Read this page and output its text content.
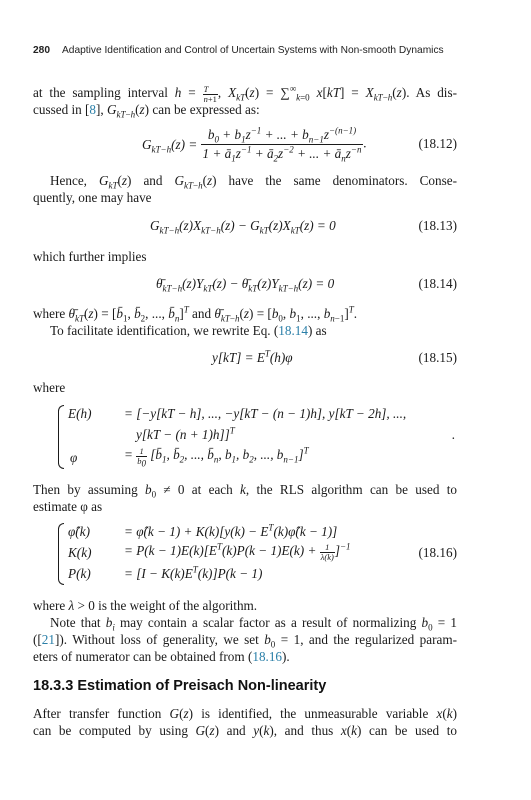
280 Adaptive Identification and Control of Uncertain Systems with Non-smooth Dynamics
at the sampling interval $h = \frac{T}{n+1}$ , $X_{kT}(z) = \sum^\infty_{k=0}$ $x[kT] = X_{kT-h}(z)$. As dis-
cussed in [8], $G_{kT-h}(z)$ can be expressed as:
$G_{kT-h}(z) = \frac{b_0 + b_1z^{-1} + ... + b_{n-1}z^{-(n-1)}}{1 + ā_1z^{-1} + ā_2z^{-2} + ... + ā_nz^{-n}}$ .	(18.12)
Hence, $G_{kT}(z)$ and $G_{kT-h}(z)$ have the same denominators. Conse-
quently, one may have
$G_{kT-h}(z)X_{kT-h}(z) - G_{kT}(z)X_{kT}(z) = 0$	(18.13)
which further implies
$\thetā_{kT-h}(z)Y_{kT}(z)$ − $\thetā_{kT}(z)Y_{kT-h}(z) = 0$	(18.14)
where $\thetā_{kT}(z)$ = [$b̄_1$, $b̄_2$, ..., $b̄_n]^T$ and $\thetā_{kT-h}(z) = [b_0$, $b_1$, ..., $b_{n-1}]^T$.
To facilitate identification, we rewrite Eq. (18.14) as
$y[kT] = E^T(h)\varphi$	(18.15)
where
E(h) = [−y[kT − h], ..., −y[kT − (n − 1)h], y[kT − 2h], ...,
y[kT − (n + 1)h]]$^T$	.
φ	= $\frac{1}{b_0}$ [$b̄_1$, $b̄_2$, ..., $b̄_n$, $b_1$, $b_2$, ..., $b_{n-1}]^T$
Then by assuming $b_0 \ne 0$ at each k, the RLS algorithm can be used to
estimate φ as
φ̂(k)	= φ̂(k − $1) + K(k)[y(k) - E^T(k)\varphî(k - 1)]$
$K(k) = P(k - 1)E(k)[E^T(k)P(k - 1)E(k) + \frac{1}{\lambda(k)} ]^{-1}$	(18.16)
P(k)	= $[I - K(k)E^T(k)]P(k - 1)$
where λ > 0 is the weight of the algorithm.
Note that $b_i$ may contain a scalar factor as a result of normalizing $b_0 = 1$
([21]). Without loss of generality, we set $b_0 = 1$, and the regularized param-
eters of numerator can be obtained from (18.16).
18.3.3 Estimation of Preisach Non-linearity
After transfer function G(z) is identified, the unmeasurable variable x(k)
can be computed by using G(z) and y(k), and thus x(k) can be used to
